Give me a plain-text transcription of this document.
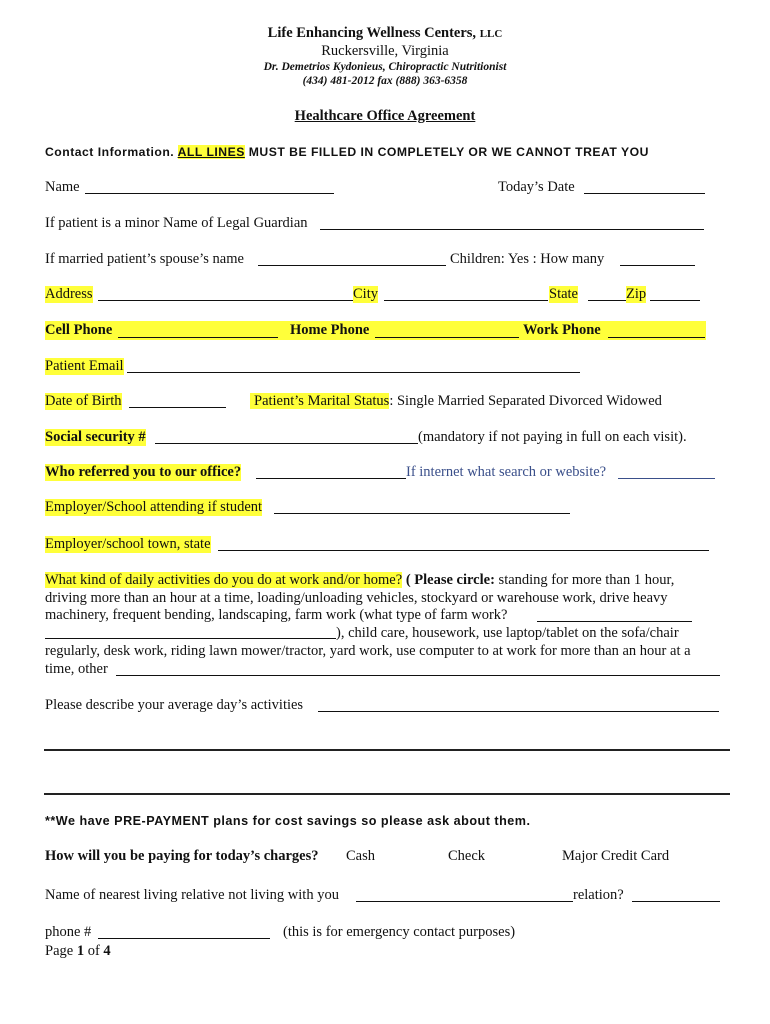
Life Enhancing Wellness Centers, LLC
Ruckersville, Virginia
Dr. Demetrios Kydonieus, Chiropractic Nutritionist
(434) 481-2012 fax (888) 363-6358
Healthcare Office Agreement
Contact Information. ALL LINES MUST BE FILLED IN COMPLETELY OR WE CANNOT TREAT YOU
Name	Today’s Date
If patient is a minor Name of Legal Guardian
If married patient’s spouse’s name	Children: Yes : How many
Address	City	State	Zip
Cell Phone	Home Phone	Work Phone
Patient Email
Date of Birth	Patient’s Marital Status: Single Married Separated Divorced Widowed
Social security #	(mandatory if not paying in full on each visit).
Who referred you to our office?	If internet what search or website?
Employer/School attending if student
Employer/school town, state
What kind of daily activities do you do at work and/or home? ( Please circle: standing for more than 1 hour,
driving more than an hour at a time, loading/unloading vehicles, stockyard or warehouse work, drive heavy
machinery, frequent bending, landscaping, farm work (what type of farm work?
), child care, housework, use laptop/tablet on the sofa/chair
regularly, desk work, riding lawn mower/tractor, yard work, use computer to at work for more than an hour at a
time, other
Please describe your average day’s activities
**We have PRE-PAYMENT plans for cost savings so please ask about them.
How will you be paying for today’s charges? Cash	Check	Major Credit Card
Name of nearest living relative not living with you	relation?
phone #	(this is for emergency contact purposes)
Page 1 of 4
